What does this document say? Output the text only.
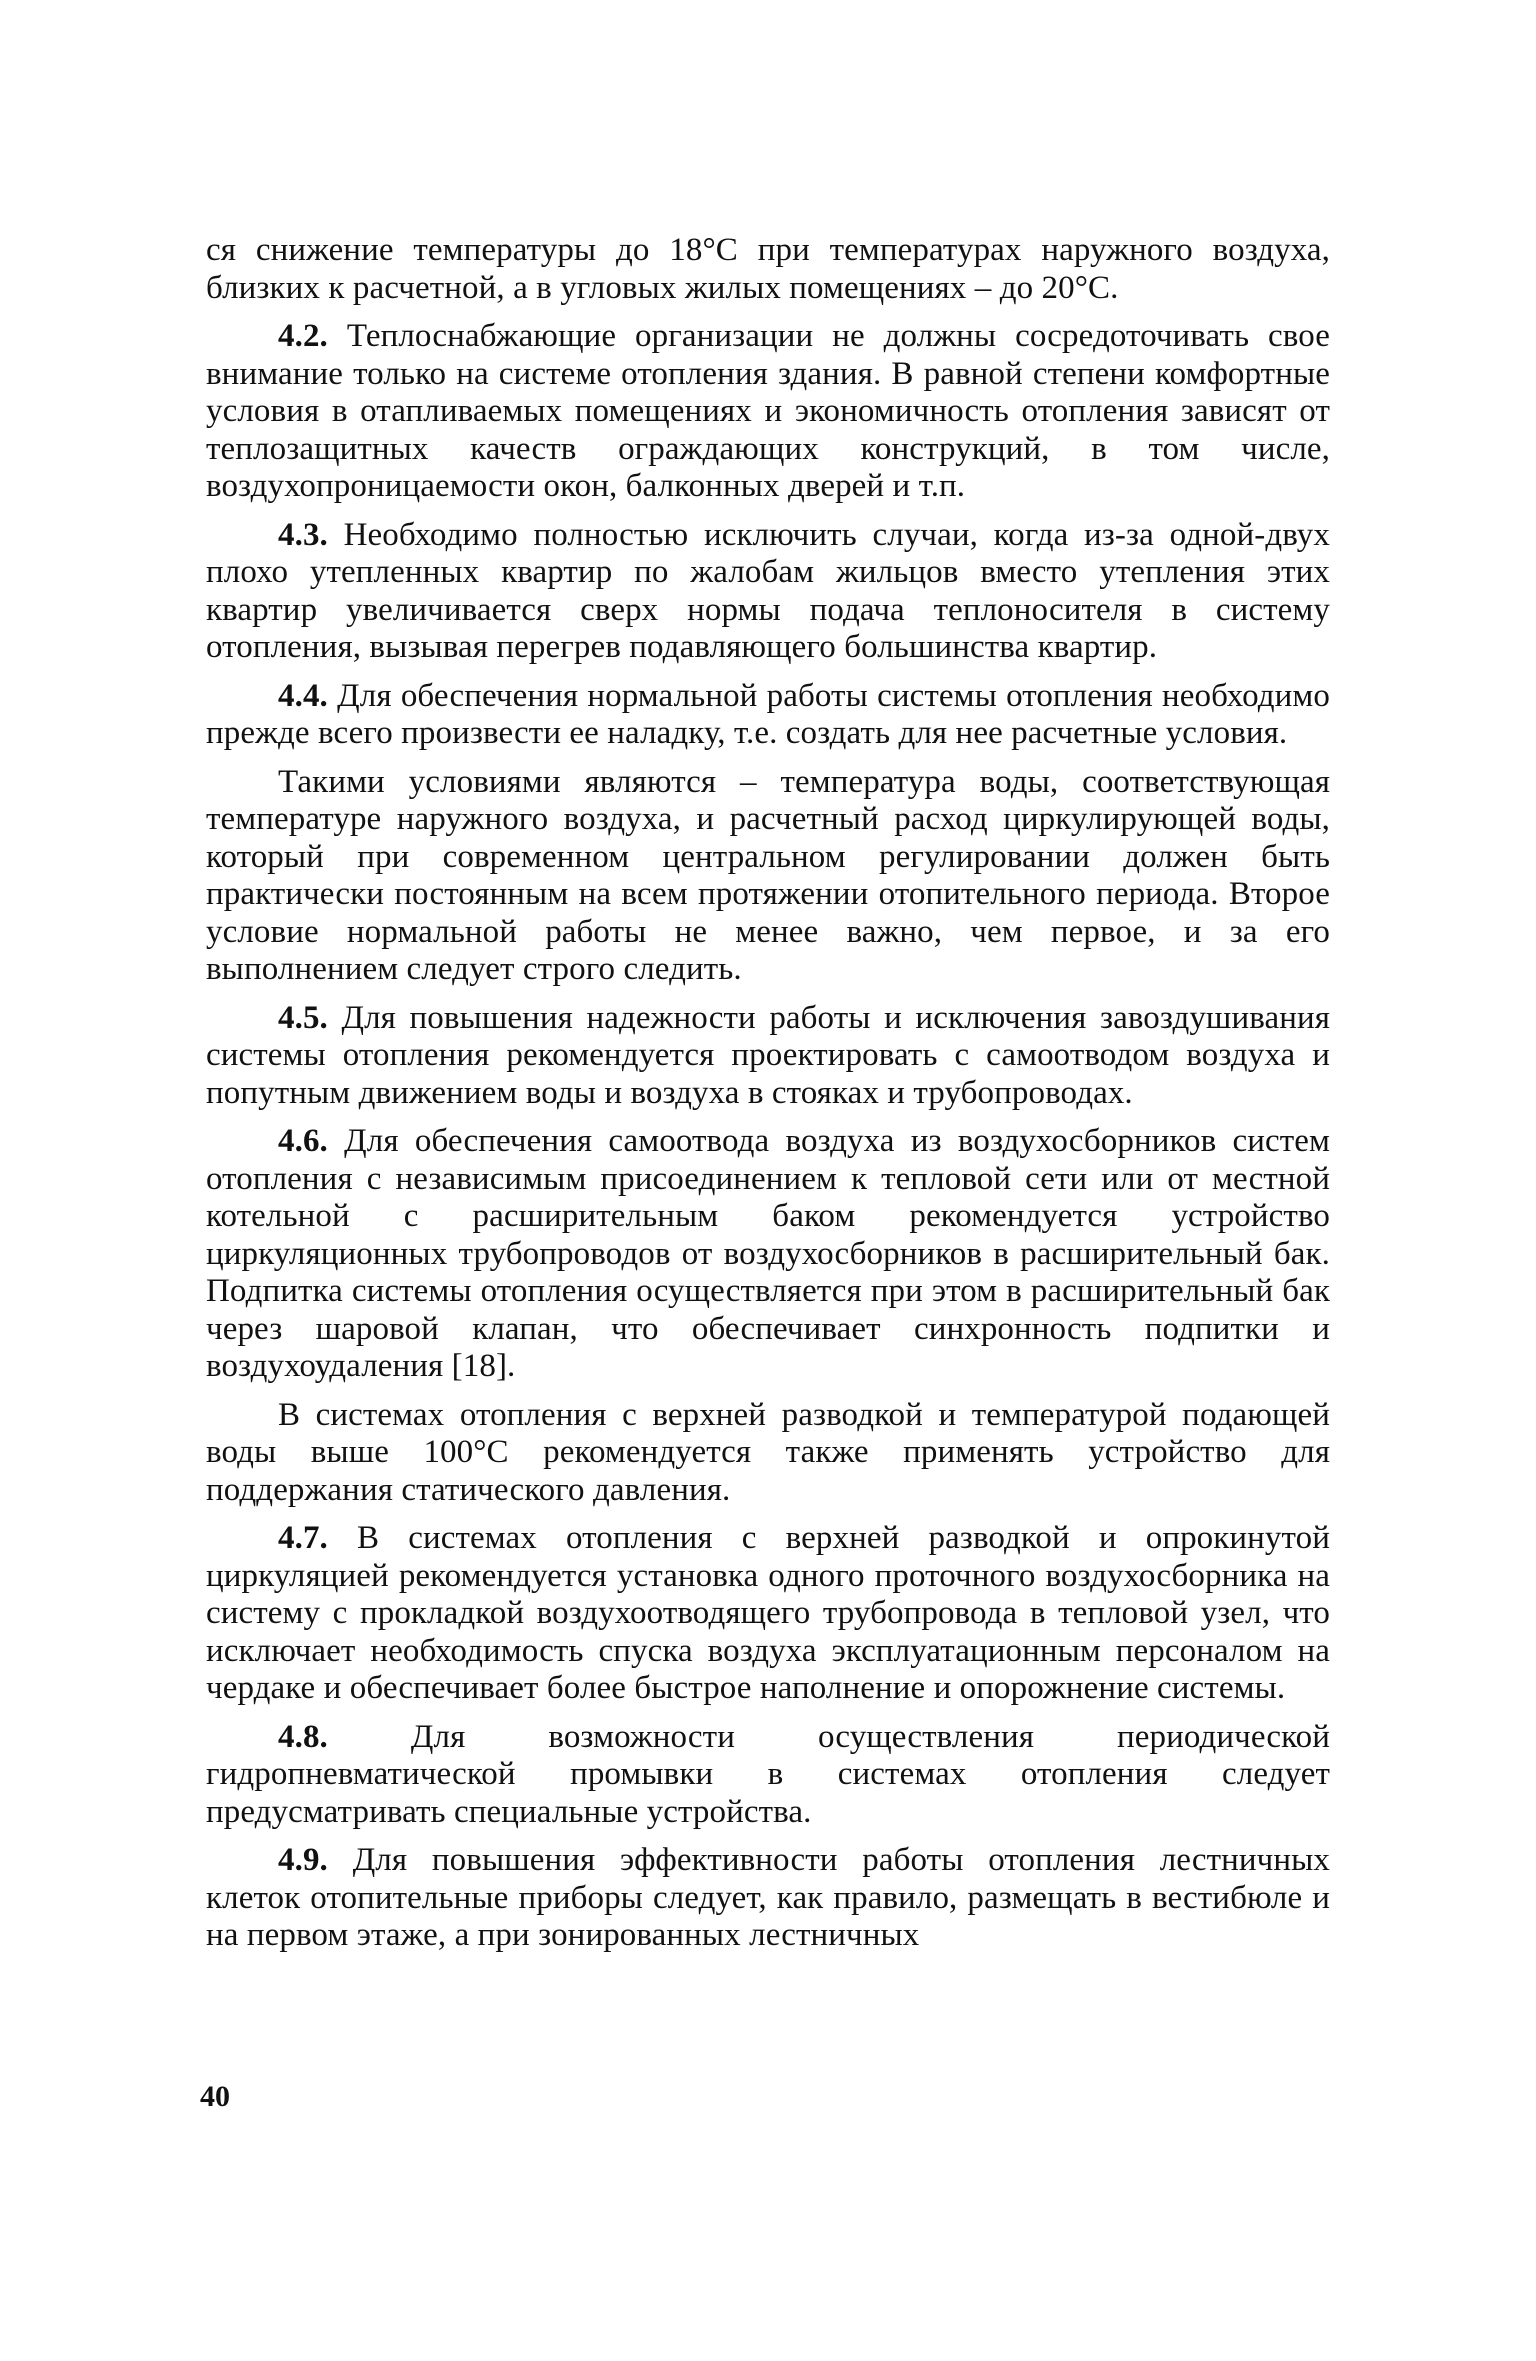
ся снижение температуры до 18°С при температурах наружного воздуха, близких к расчетной, а в угловых жилых помещениях – до 20°С.

4.2. Теплоснабжающие организации не должны сосредоточивать свое внимание только на системе отопления здания. В равной степени комфортные условия в отапливаемых помещениях и экономичность отопления зависят от теплозащитных качеств ограждающих конструкций, в том числе, воздухопроницаемости окон, балконных дверей и т.п.

4.3. Необходимо полностью исключить случаи, когда из-за одной-двух плохо утепленных квартир по жалобам жильцов вместо утепления этих квартир увеличивается сверх нормы подача теплоносителя в систему отопления, вызывая перегрев подавляющего большинства квартир.

4.4. Для обеспечения нормальной работы системы отопления необходимо прежде всего произвести ее наладку, т.е. создать для нее расчетные условия.

Такими условиями являются – температура воды, соответствующая температуре наружного воздуха, и расчетный расход циркулирующей воды, который при современном центральном регулировании должен быть практически постоянным на всем протяжении отопительного периода. Второе условие нормальной работы не менее важно, чем первое, и за его выполнением следует строго следить.

4.5. Для повышения надежности работы и исключения завоздушивания системы отопления рекомендуется проектировать с самоотводом воздуха и попутным движением воды и воздуха в стояках и трубопроводах.

4.6. Для обеспечения самоотвода воздуха из воздухосборников систем отопления с независимым присоединением к тепловой сети или от местной котельной с расширительным баком рекомендуется устройство циркуляционных трубопроводов от воздухосборников в расширительный бак. Подпитка системы отопления осуществляется при этом в расширительный бак через шаровой клапан, что обеспечивает синхронность подпитки и воздухоудаления [18].

В системах отопления с верхней разводкой и температурой подающей воды выше 100°С рекомендуется также применять устройство для поддержания статического давления.

4.7. В системах отопления с верхней разводкой и опрокинутой циркуляцией рекомендуется установка одного проточного воздухосборника на систему с прокладкой воздухоотводящего трубопровода в тепловой узел, что исключает необходимость спуска воздуха эксплуатационным персоналом на чердаке и обеспечивает более быстрое наполнение и опорожнение системы.

4.8.	Для возможности осуществления периодической гидропневматической промывки в системах отопления следует предусматривать специальные устройства.

4.9. Для повышения эффективности работы отопления лестничных клеток отопительные приборы следует, как правило, размещать в вестибюле и на первом этаже, а при зонированных лестничных

40
